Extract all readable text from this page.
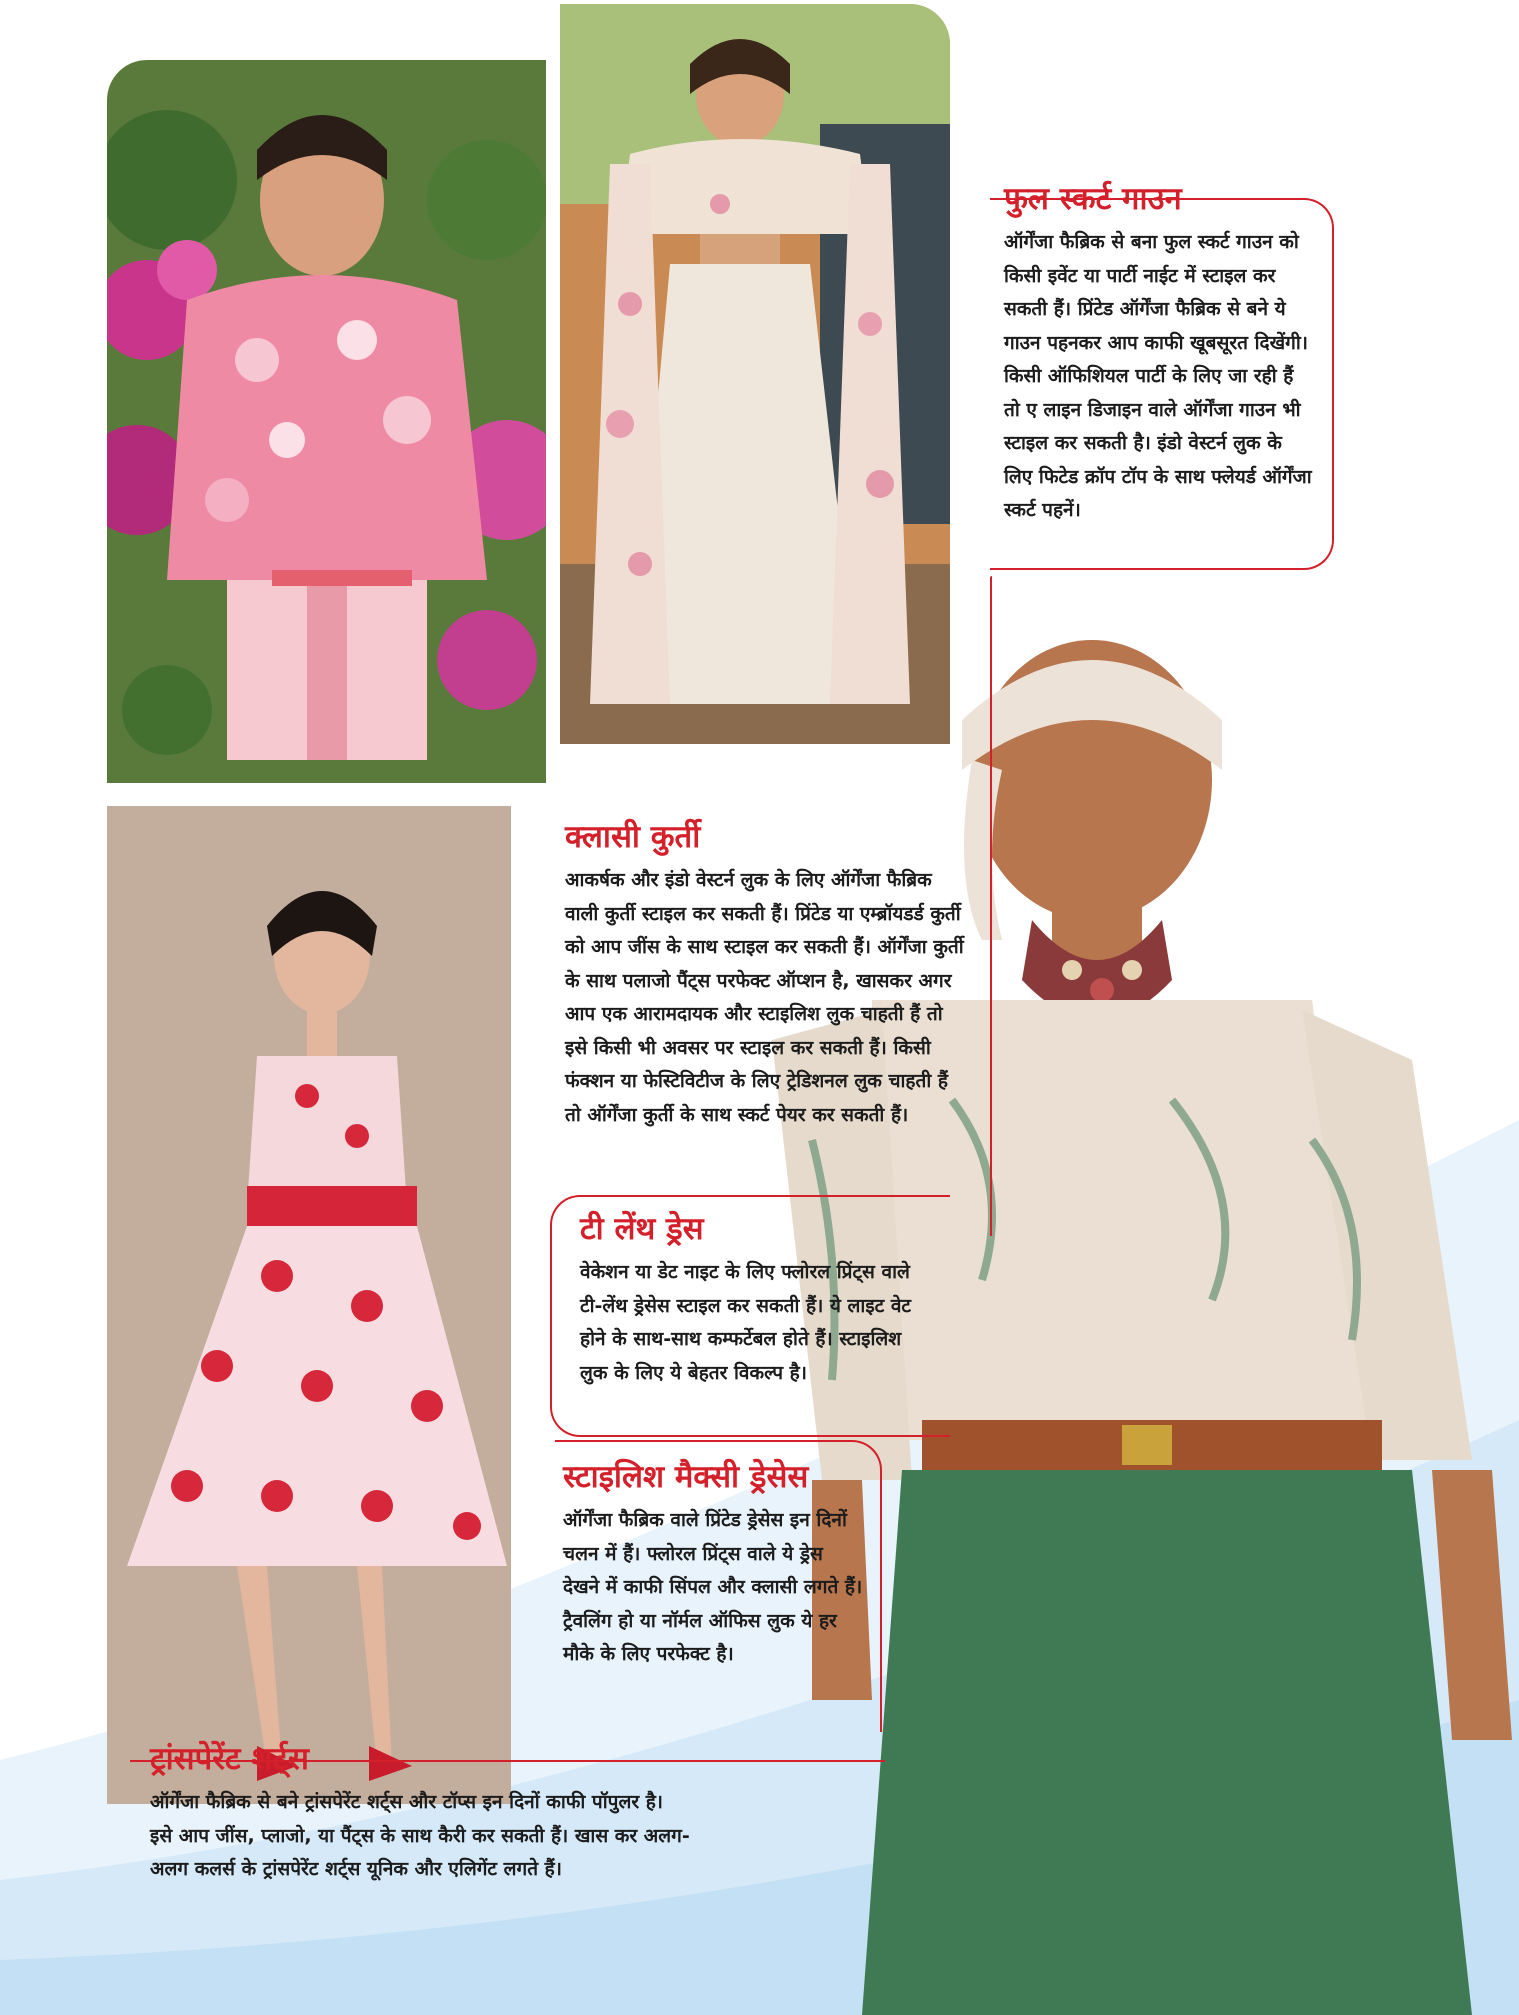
फुल स्कर्ट गाउन

ऑर्गेंजा फैब्रिक से बना फुल स्कर्ट गाउन को किसी इवेंट या पार्टी नाईट में स्टाइल कर सकती हैं। प्रिंटेड ऑर्गेंजा फैब्रिक से बने ये गाउन पहनकर आप काफी खूबसूरत दिखेंगी। किसी ऑफिशियल पार्टी के लिए जा रही हैं तो ए लाइन डिजाइन वाले ऑर्गेंजा गाउन भी स्टाइल कर सकती है। इंडो वेस्टर्न लुक के लिए फिटेड क्रॉप टॉप के साथ फ्लेयर्ड ऑर्गेंजा स्कर्ट पहनें।

क्लासी कुर्ती

आकर्षक और इंडो वेस्टर्न लुक के लिए ऑर्गेंजा फैब्रिक वाली कुर्ती स्टाइल कर सकती हैं। प्रिंटेड या एम्ब्रॉयडर्ड कुर्ती को आप जींस के साथ स्टाइल कर सकती हैं। ऑर्गेंजा कुर्ती के साथ पलाजो पैंट्स परफेक्ट ऑप्शन है, खासकर अगर आप एक आरामदायक और स्टाइलिश लुक चाहती हैं तो इसे किसी भी अवसर पर स्टाइल कर सकती हैं। किसी फंक्शन या फेस्टिविटीज के लिए ट्रेडिशनल लुक चाहती हैं तो ऑर्गेंजा कुर्ती के साथ स्कर्ट पेयर कर सकती हैं।

टी लेंथ ड्रेस

वेकेशन या डेट नाइट के लिए फ्लोरल प्रिंट्स वाले टी-लेंथ ड्रेसेस स्टाइल कर सकती हैं। ये लाइट वेट होने के साथ-साथ कम्फर्टेबल होते हैं। स्टाइलिश लुक के लिए ये बेहतर विकल्प है।

स्टाइलिश मैक्सी ड्रेसेस

ऑर्गेंजा फैब्रिक वाले प्रिंटेड ड्रेसेस इन दिनों चलन में हैं। फ्लोरल प्रिंट्स वाले ये ड्रेस देखने में काफी सिंपल और क्लासी लगते हैं। ट्रैवलिंग हो या नॉर्मल ऑफिस लुक ये हर मौके के लिए परफेक्ट है।

ट्रांसपेरेंट शर्ट्स

ऑर्गेंजा फैब्रिक से बने ट्रांसपेरेंट शर्ट्स और टॉप्स इन दिनों काफी पॉपुलर है। इसे आप जींस, प्लाजो, या पैंट्स के साथ कैरी कर सकती हैं। खास कर अलग-अलग कलर्स के ट्रांसपेरेंट शर्ट्स यूनिक और एलिगेंट लगते हैं।
